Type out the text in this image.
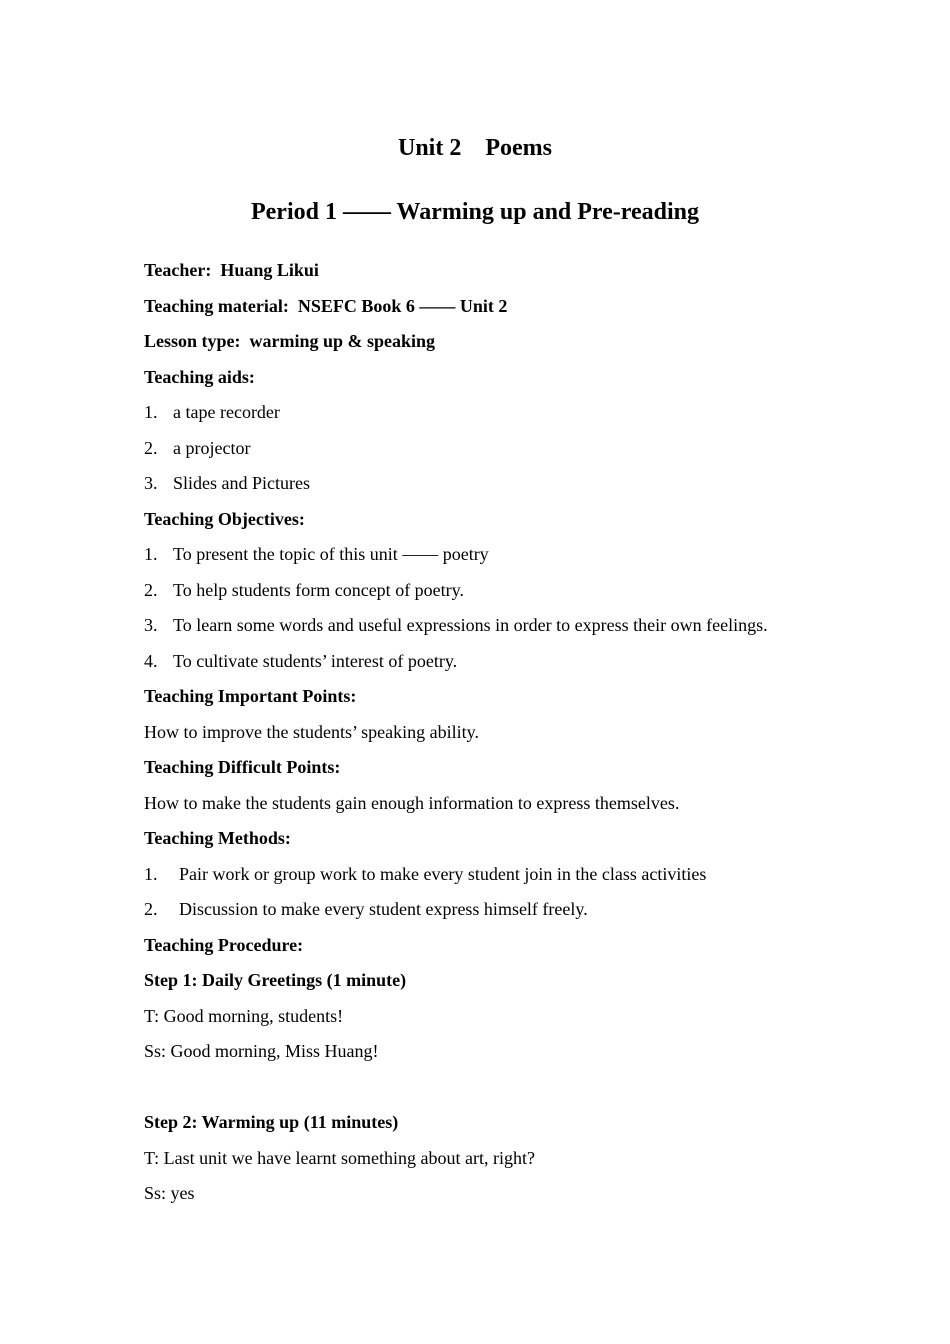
Unit 2    Poems
Period 1 —— Warming up and Pre-reading

Teacher:  Huang Likui

Teaching material:  NSEFC Book 6 —— Unit 2

Lesson type:  warming up & speaking

Teaching aids:

1. a tape recorder

2. a projector

3. Slides and Pictures

Teaching Objectives:

1. To present the topic of this unit —— poetry

2. To help students form concept of poetry.

3. To learn some words and useful expressions in order to express their own feelings.

4. To cultivate students’ interest of poetry.

Teaching Important Points:

How to improve the students’ speaking ability.

Teaching Difficult Points:

How to make the students gain enough information to express themselves.

Teaching Methods:

1. Pair work or group work to make every student join in the class activities

2. Discussion to make every student express himself freely.

Teaching Procedure:

Step 1: Daily Greetings (1 minute)

T: Good morning, students!

Ss: Good morning, Miss Huang!

Step 2: Warming up (11 minutes)

T: Last unit we have learnt something about art, right?

Ss: yes
